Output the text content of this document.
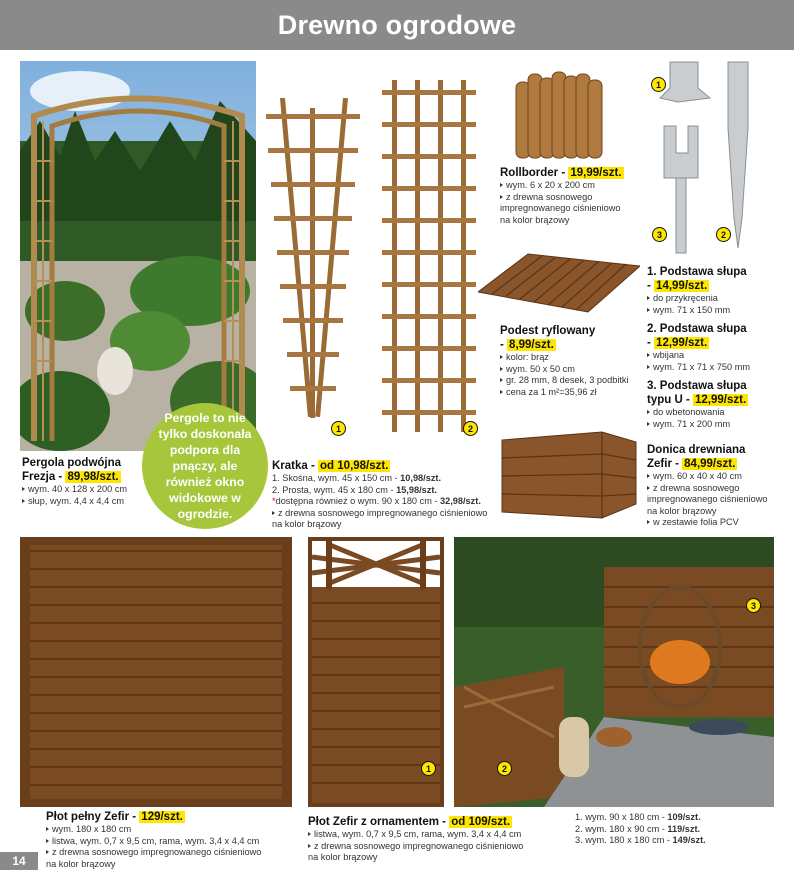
Drewno ogrodowe
Pergole to nie tylko doskonała podpora dla pnączy, ale również okno widokowe w ogrodzie.
1	2
1
3	2
1
3
2
Pergola podwójna
Frezja - 89,98/szt.
wym. 40 x 128 x 200 cm
słup, wym. 4,4 x 4,4 cm
Kratka - od 10,98/szt.
1. Skośna, wym. 45 x 150 cm - 10,98/szt.
2. Prosta, wym. 45 x 180 cm - 15,98/szt.
*dostępna również o wym. 90 x 180 cm - 32,98/szt.
z drewna sosnowego impregnowanego ciśnieniowo
na kolor brązowy
Rollborder - 19,99/szt.
wym. 6 x 20 x 200 cm
z drewna sosnowego
impregnowanego ciśnieniowo
na kolor brązowy
1. Podstawa słupa
- 14,99/szt.
do przykręcenia
wym. 71 x 150 mm
2. Podstawa słupa
- 12,99/szt.
wbijana
wym. 71 x 71 x 750 mm
3. Podstawa słupa
typu U - 12,99/szt.
do wbetonowania
wym. 71 x 200 mm
Podest ryflowany
- 8,99/szt.
kolor: brąz
wym. 50 x 50 cm
gr. 28 mm, 8 desek, 3 podbitki
cena za 1 m²=35,96 zł
Donica drewniana
Zefir - 84,99/szt.
wym. 60 x 40 x 40 cm
z drewna sosnowego
impregnowanego ciśnieniowo
na kolor brązowy
w zestawie folia PCV
Płot pełny Zefir - 129/szt.
wym. 180 x 180 cm
listwa, wym. 0,7 x 9,5 cm, rama, wym. 3,4 x 4,4 cm
z drewna sosnowego impregnowanego ciśnieniowo
na kolor brązowy
Płot Zefir z ornamentem - od 109/szt.
listwa, wym. 0,7 x 9,5 cm, rama, wym. 3,4 x 4,4 cm
z drewna sosnowego impregnowanego ciśnieniowo
na kolor brązowy
1. wym. 90 x 180 cm - 109/szt.
2. wym. 180 x 90 cm - 119/szt.
3. wym. 180 x 180 cm - 149/szt.
14
